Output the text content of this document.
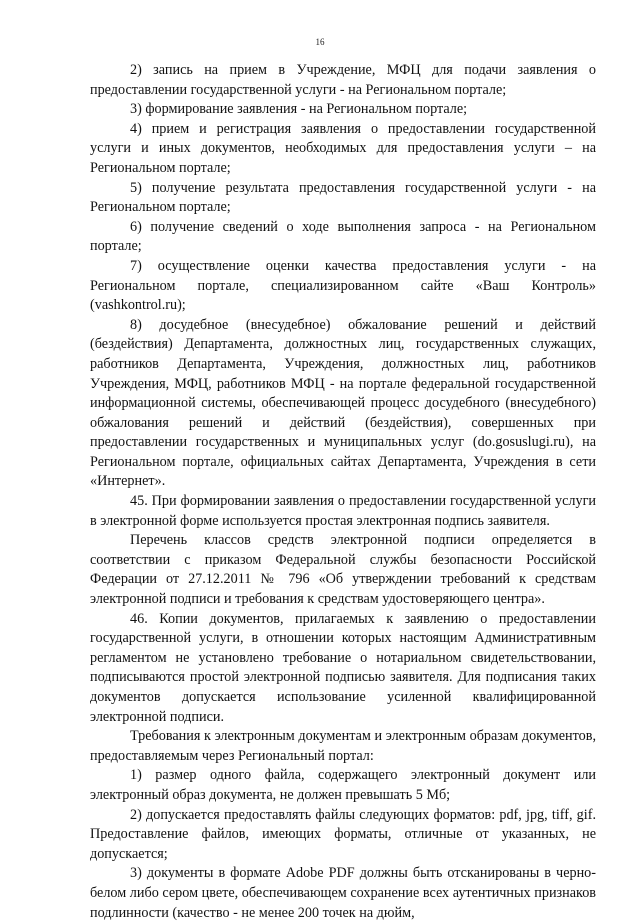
16

2) запись на прием в Учреждение, МФЦ для подачи заявления о предоставлении государственной услуги - на Региональном портале;

3) формирование заявления - на Региональном портале;

4) прием и регистрация заявления о предоставлении государственной услуги и иных документов, необходимых для предоставления услуги – на Региональном портале;

5) получение результата предоставления государственной услуги - на Региональном портале;

6) получение сведений о ходе выполнения запроса - на Региональном портале;

7) осуществление оценки качества предоставления услуги - на Региональном портале, специализированном сайте «Ваш Контроль» (vashkontrol.ru);

8) досудебное (внесудебное) обжалование решений и действий (бездействия) Департамента, должностных лиц, государственных служащих, работников Департамента, Учреждения, должностных лиц, работников Учреждения, МФЦ, работников МФЦ - на портале федеральной государственной информационной системы, обеспечивающей процесс досудебного (внесудебного) обжалования решений и действий (бездействия), совершенных при предоставлении государственных и муниципальных услуг (do.gosuslugi.ru), на Региональном портале, официальных сайтах Департамента, Учреждения в сети «Интернет».

45. При формировании заявления о предоставлении государственной услуги в электронной форме используется простая электронная подпись заявителя.

Перечень классов средств электронной подписи определяется в соответствии с приказом Федеральной службы безопасности Российской Федерации от 27.12.2011 № 796 «Об утверждении требований к средствам электронной подписи и требования к средствам удостоверяющего центра».

46. Копии документов, прилагаемых к заявлению о предоставлении государственной услуги, в отношении которых настоящим Административным регламентом не установлено требование о нотариальном свидетельствовании, подписываются простой электронной подписью заявителя. Для подписания таких документов допускается использование усиленной квалифицированной электронной подписи.

Требования к электронным документам и электронным образам документов, предоставляемым через Региональный портал:

1) размер одного файла, содержащего электронный документ или электронный образ документа, не должен превышать 5 Мб;

2) допускается предоставлять файлы следующих форматов: pdf, jpg, tiff, gif. Предоставление файлов, имеющих форматы, отличные от указанных, не допускается;

3) документы в формате Adobe PDF должны быть отсканированы в черно-белом либо сером цвете, обеспечивающем сохранение всех аутентичных признаков подлинности (качество - не менее 200 точек на дюйм,
